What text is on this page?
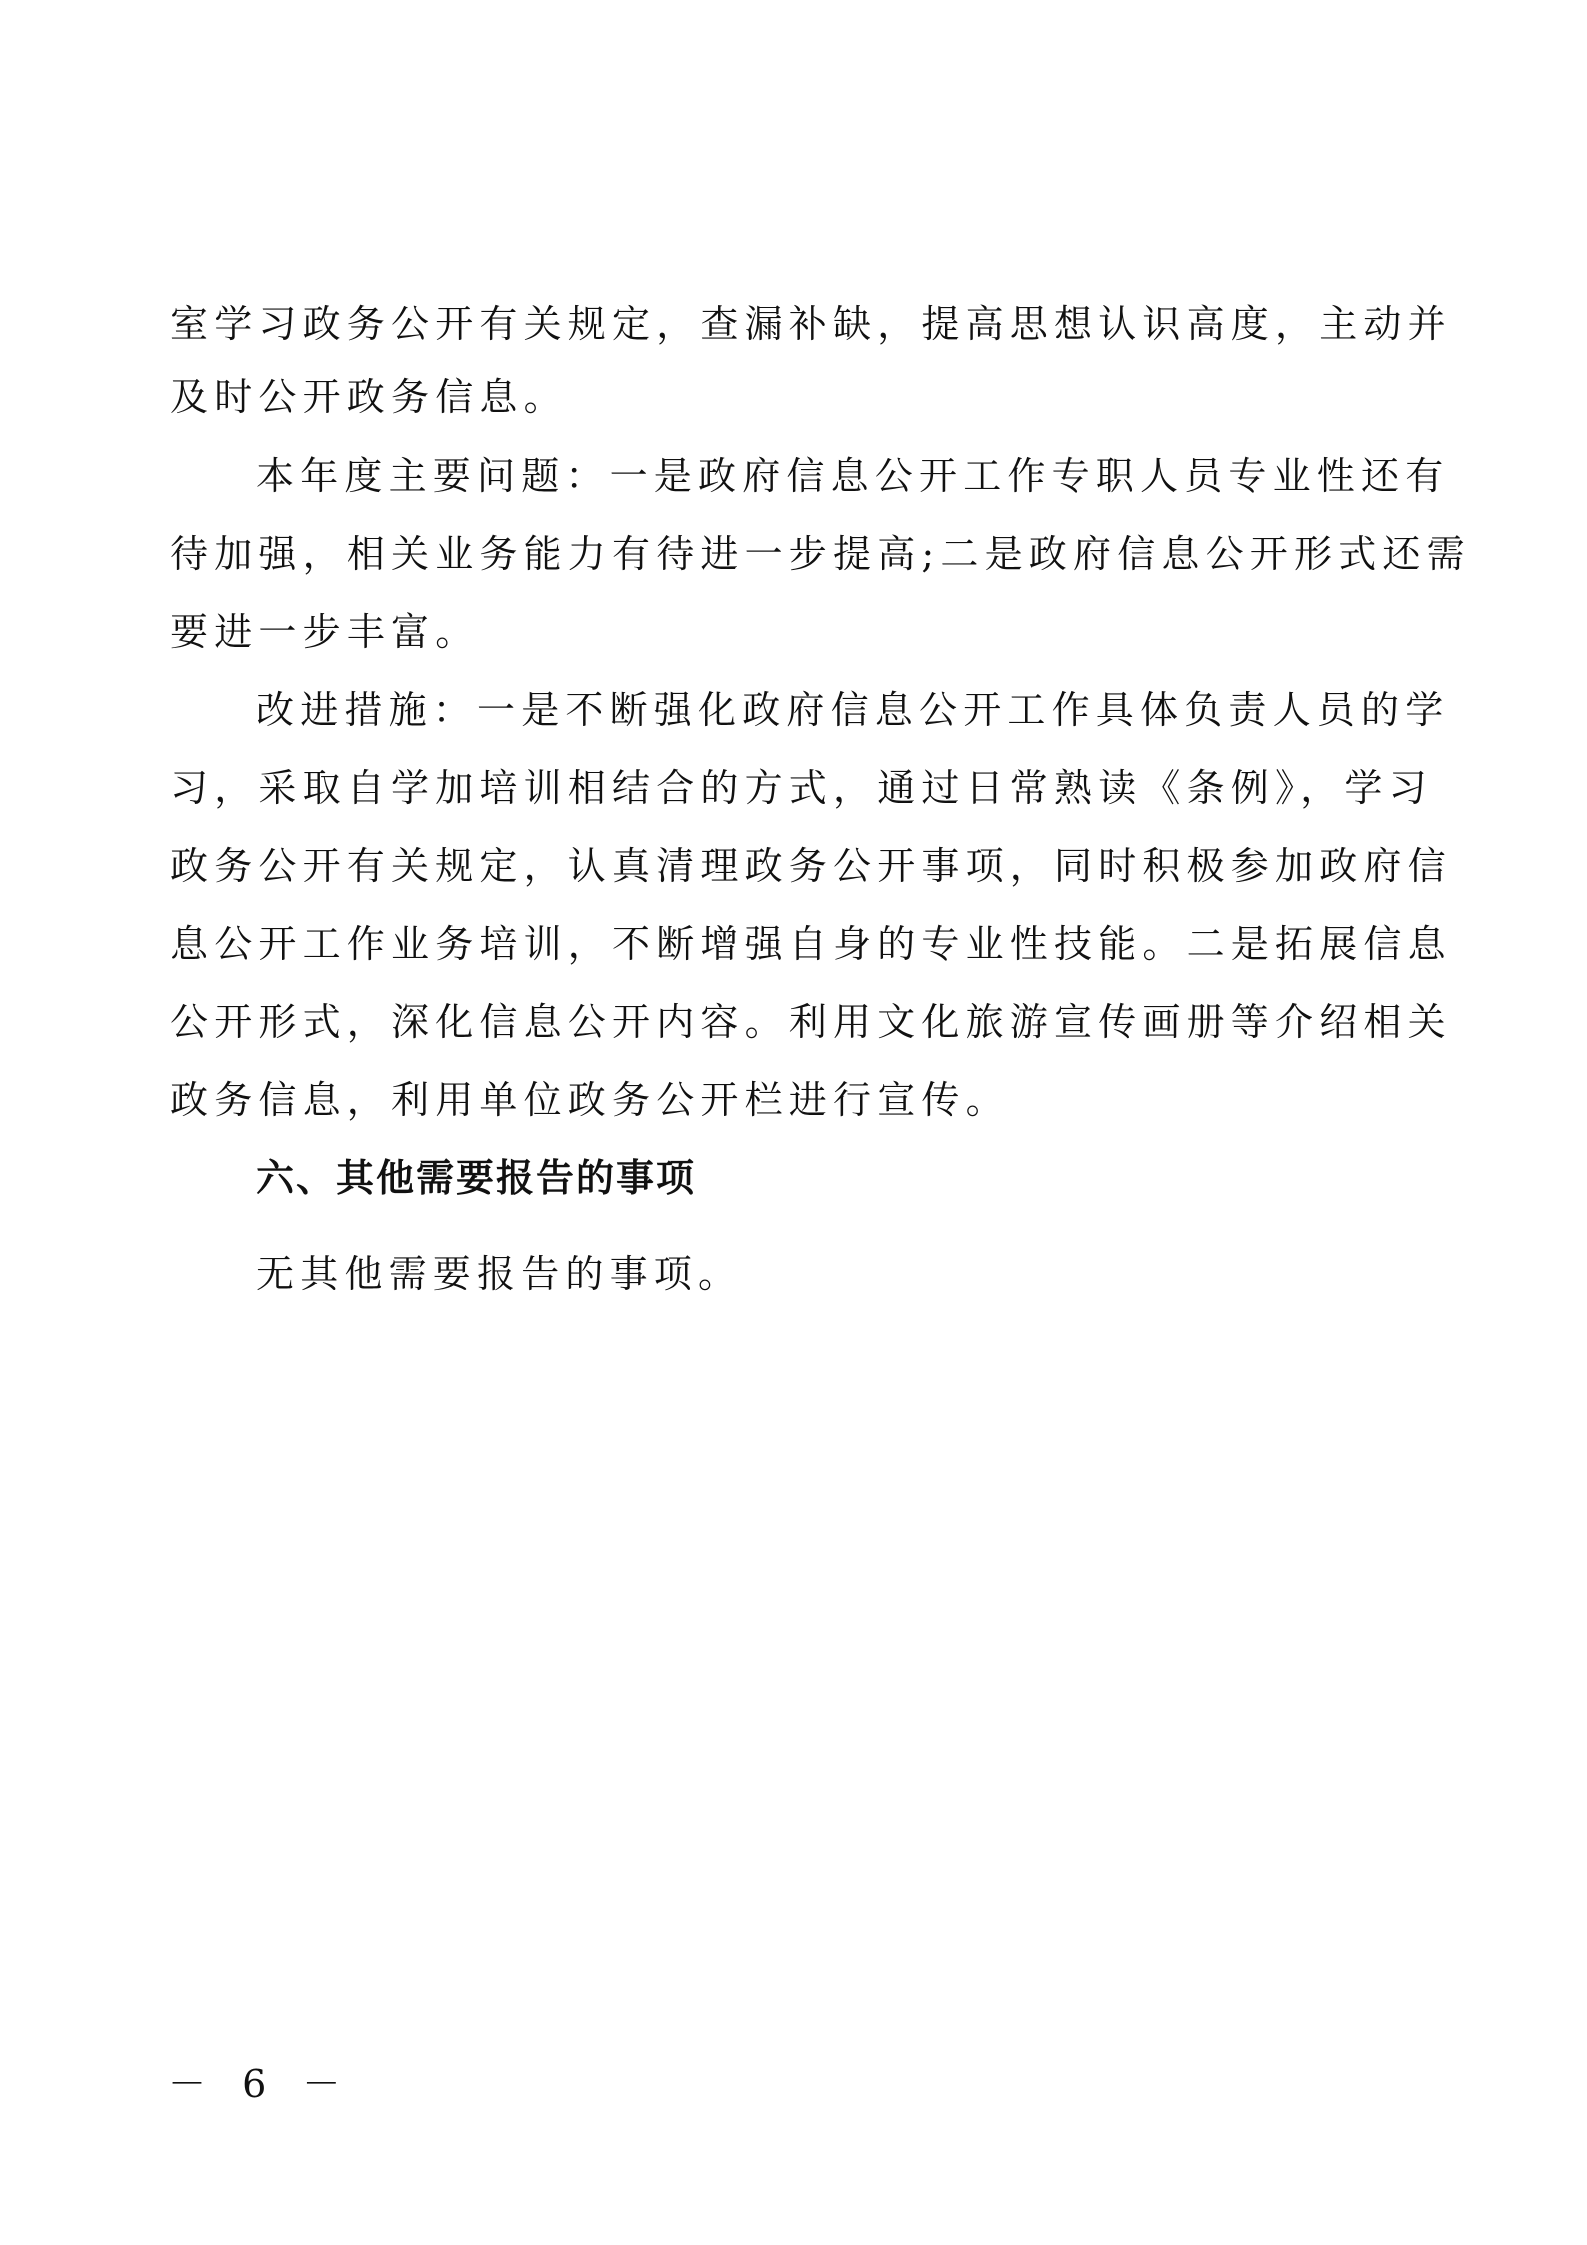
室学习政务公开有关规定，查漏补缺，提高思想认识高度，主动并
及时公开政务信息。
本年度主要问题：一是政府信息公开工作专职人员专业性还有
待加强，相关业务能力有待进一步提高;二是政府信息公开形式还需
要进一步丰富。
改进措施：一是不断强化政府信息公开工作具体负责人员的学
习，采取自学加培训相结合的方式，通过日常熟读《条例》，学习
政务公开有关规定，认真清理政务公开事项，同时积极参加政府信
息公开工作业务培训，不断增强自身的专业性技能。二是拓展信息
公开形式，深化信息公开内容。利用文化旅游宣传画册等介绍相关
政务信息，利用单位政务公开栏进行宣传。
六、其他需要报告的事项
无其他需要报告的事项。
－ 6 －
